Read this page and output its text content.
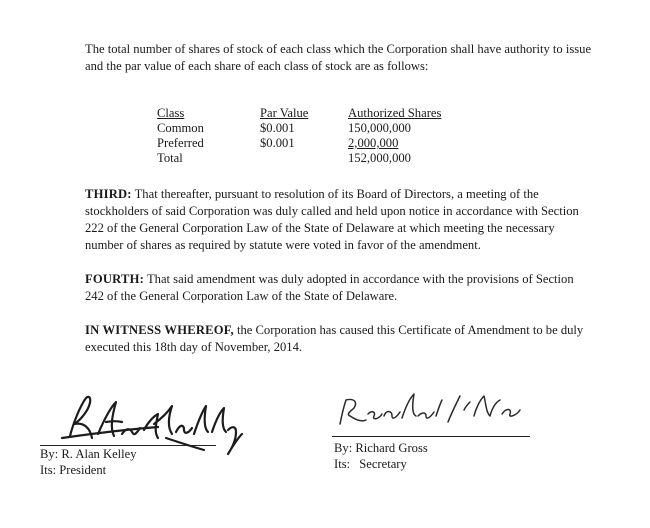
The total number of shares of stock of each class which the Corporation shall have authority to issue and the par value of each share of each class of stock are as follows:

Class	Par Value	Authorized Shares
Common	$0.001	150,000,000
Preferred	$0.001	2,000,000
Total		152,000,000

THIRD: That thereafter, pursuant to resolution of its Board of Directors, a meeting of the stockholders of said Corporation was duly called and held upon notice in accordance with Section 222 of the General Corporation Law of the State of Delaware at which meeting the necessary number of shares as required by statute were voted in favor of the amendment.

FOURTH: That said amendment was duly adopted in accordance with the provisions of Section 242 of the General Corporation Law of the State of Delaware.

IN WITNESS WHEREOF, the Corporation has caused this Certificate of Amendment to be duly executed this 18th day of November, 2014.

By: R. Alan Kelley
Its: President
By: Richard Gross
Its: Secretary
